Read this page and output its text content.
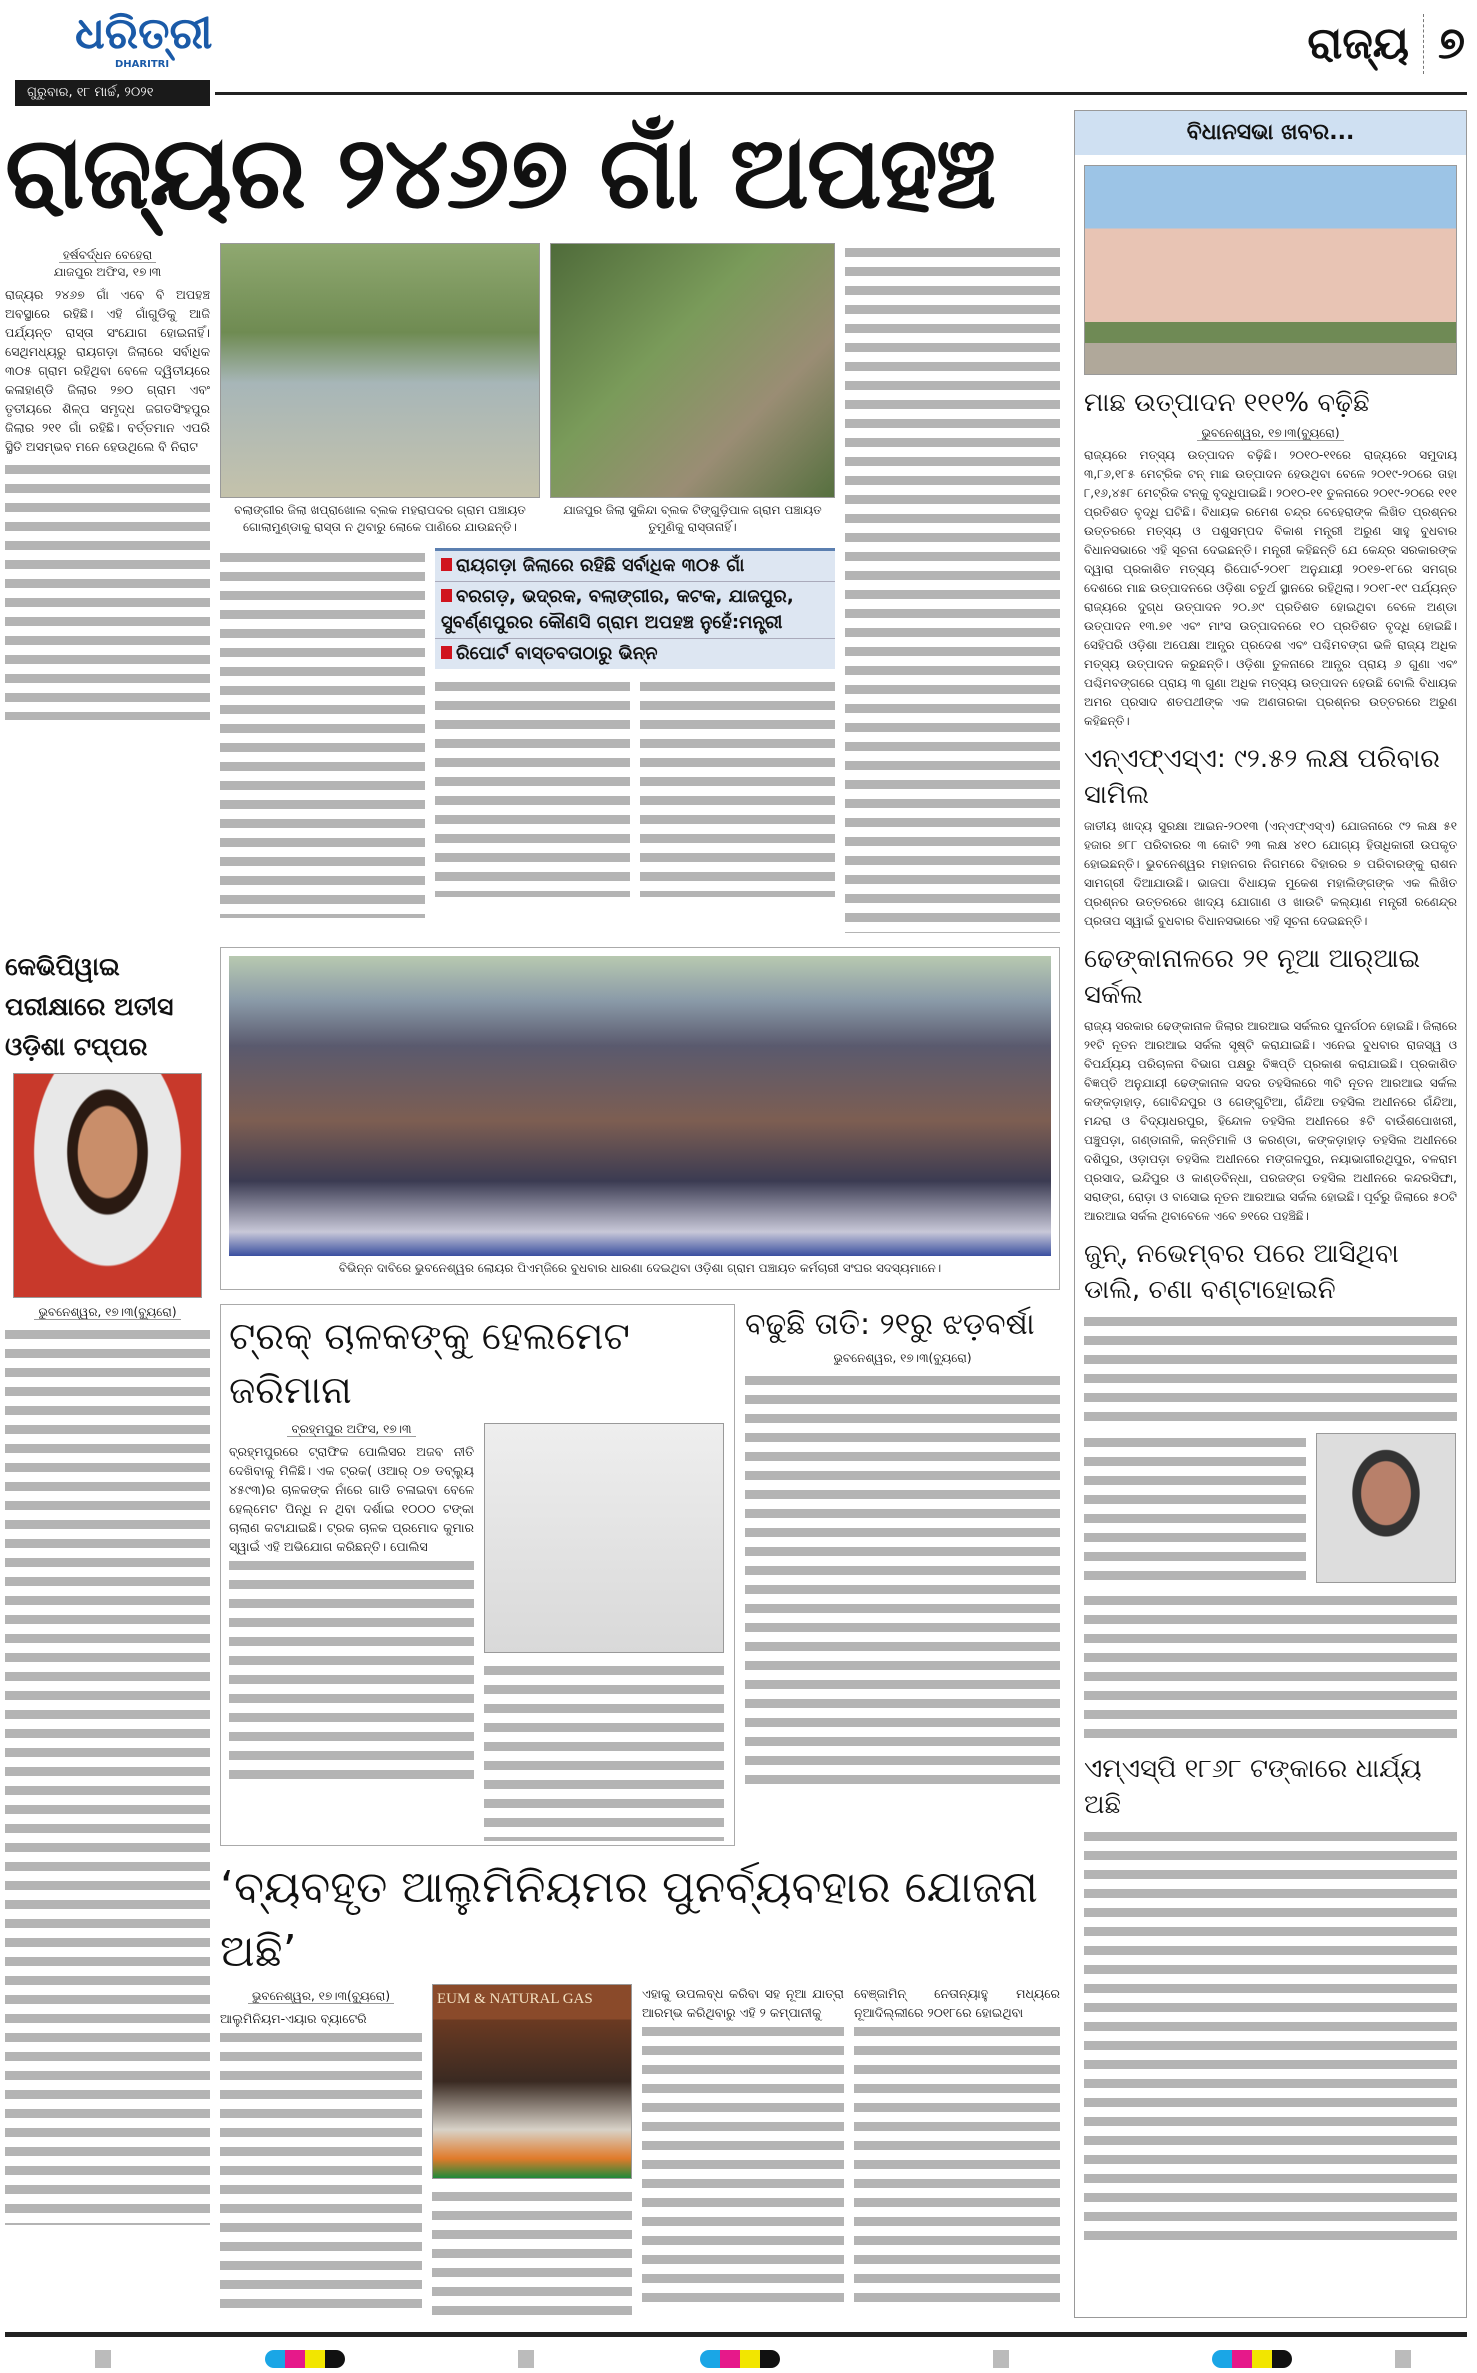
ଧରିତ୍ରୀ
DHARITRI
ଗୁରୁବାର, ୧୮ ମାର୍ଚ୍ଚ, ୨୦୨୧
ରାଜ୍ୟ ୭
ରାଜ୍ୟର ୨୪୬୭ ଗାଁ ଅପହଞ୍ଚ
ହର୍ଷବର୍ଦ୍ଧନ ବେହେରା
ଯାଜପୁର ଅଫିସ, ୧୭।୩
ରାଜ୍ୟର ୨୪୬୭ ଗାଁ ଏବେ ବି ଅପହଞ୍ଚ ଅବସ୍ଥାରେ ରହିଛି। ଏହି ଗାଁଗୁଡିକୁ ଆଜି ପର୍ଯ୍ୟନ୍ତ ରାସ୍ତା ସଂଯୋଗ ହୋଇନାହିଁ। ସେଥିମଧ୍ୟରୁ ରାୟଗଡ଼ା ଜିଲାରେ ସର୍ବାଧିକ ୩୦୫ ଗ୍ରାମ ରହିଥିବା ବେଳେ ଦ୍ୱିତୀୟରେ କଳାହାଣ୍ଡି ଜିଲାର ୨୭୦ ଗ୍ରାମ ଏବଂ ତୃତୀୟରେ ଶିଳ୍ପ ସମୃଦ୍ଧ ଜଗତସିଂହପୁର ଜିଲାର ୨୧୧ ଗାଁ ରହିଛି। ବର୍ତ୍ତମାନ ଏପରି ସ୍ଥିତି ଅସମ୍ଭବ ମନେ ହେଉଥିଲେ ବି ନିରାଟ
ବଲାଙ୍ଗୀର ଜିଲା ଖପ୍ରାଖୋଲ ବ୍ଲକ ମହରାପଦର ଗ୍ରାମ ପଞ୍ଚାୟତ ଗୋଲାମୁଣ୍ଡାକୁ ରାସ୍ତା ନ ଥିବାରୁ ଲୋକେ ପାଣିରେ ଯାଉଛନ୍ତି।
ଯାଜପୁର ଜିଲା ସୁକିନ୍ଦା ବ୍ଲକ ଟିଙ୍ଗୁଡ଼ିପାଳ ଗ୍ରାମ ପଞ୍ଚାୟତ ତୁମୁଣିକୁ ରାସ୍ତାନାହିଁ।
ରାୟଗଡ଼ା ଜିଲାରେ ରହିଛି ସର୍ବାଧିକ ୩୦୫ ଗାଁ
ବରଗଡ଼, ଭଦ୍ରକ, ବଲାଙ୍ଗୀର, କଟକ, ଯାଜପୁର, ସୁବର୍ଣ୍ଣପୁରର କୌଣସି ଗ୍ରାମ ଅପହଞ୍ଚ ନୁହେଁ:ମନ୍ତ୍ରୀ
ରିପୋର୍ଟ ବାସ୍ତବତାଠାରୁ ଭିନ୍ନ
କେଭିପିୱାଇ ପରୀକ୍ଷାରେ ଅତୀସ ଓଡ଼ିଶା ଟପ୍ପର
ଭୁବନେଶ୍ୱର, ୧୭।୩(ବ୍ୟୁରୋ)
ବିଭିନ୍ନ ଦାବିରେ ଭୁବନେଶ୍ୱର ଲୋୟର ପିଏମ୍‌ଜିରେ ବୁଧବାର ଧାରଣା ଦେଇଥିବା ଓଡ଼ିଶା ଗ୍ରାମ ପଞ୍ଚାୟତ କର୍ମଚାରୀ ସଂଘର ସଦସ୍ୟମାନେ।
ଟ୍ରକ୍ ଚାଳକଙ୍କୁ ହେଲମେଟ ଜରିମାନା
ବ୍ରହ୍ମପୁର ଅଫିସ, ୧୭।୩
ବ୍ରହ୍ମପୁରରେ ଟ୍ରାଫିକ ପୋଲିସର ଅଜବ ନୀତି ଦେଖିବାକୁ ମିଳିଛି। ଏକ ଟ୍ରକ( ଓଆର୍ ୦୭ ଡବ୍ଲ୍ୟୁ ୪୫୯୩)ର ଚାଳକଙ୍କ ନାଁରେ ଗାଡି ଚଳାଇବା ବେଳେ ହେଲ୍‌ମେଟ ପିନ୍ଧି ନ ଥିବା ଦର୍ଶାଇ ୧୦୦୦ ଟଙ୍କା ଚାଲାଣ କଟାଯାଇଛି। ଟ୍ରକ ଚାଳକ ପ୍ରମୋଦ କୁମାର ସ୍ୱାଇଁ ଏହି ଅଭିଯୋଗ କରିଛନ୍ତି। ପୋଲିସ
ବଢୁଛି ତାତି: ୨୧ରୁ ଝଡ଼ବର୍ଷା
ଭୁବନେଶ୍ୱର, ୧୭।୩(ବ୍ୟୁରୋ)
‘ବ୍ୟବହୃତ ଆଲୁମିନିୟମର ପୁନର୍ବ୍ୟବହାର ଯୋଜନା ଅଛି’
ଭୁବନେଶ୍ୱର, ୧୭।୩(ବ୍ୟୁରୋ)
ଆଲୁମିନିୟମ-ଏୟାର ବ୍ୟାଟେରି
EUM & NATURAL GAS	ଏହାକୁ ଉପଲବ୍ଧ କରିବା ସହ ନୂଆ ଯାତ୍ରା ଆରମ୍ଭ କରିଥିବାରୁ ଏହି ୨ କମ୍ପାନୀକୁ
ବେଞ୍ଜାମିନ୍ ନେତାନ୍ୟାହୁ ମଧ୍ୟରେ ନୂଆଦିଲ୍ଲୀରେ ୨୦୧୮ରେ ହୋଇଥିବା
ବିଧାନସଭା ଖବର...
ମାଛ ଉତ୍ପାଦନ ୧୧୧% ବଢ଼ିଛି
ଭୁବନେଶ୍ୱର, ୧୭।୩(ବ୍ୟୁରୋ)
ରାଜ୍ୟରେ ମତ୍ସ୍ୟ ଉତ୍ପାଦନ ବଢ଼ିଛି। ୨୦୧୦-୧୧ରେ ରାଜ୍ୟରେ ସମୁଦାୟ ୩,୮୬,୧୮୫ ମେଟ୍ରିକ ଟନ୍ ମାଛ ଉତ୍ପାଦନ ହେଉଥିବା ବେଳେ ୨୦୧୯-୨୦ରେ ତାହା ୮,୧୬,୪୫୮ ମେଟ୍ରିକ ଟନ୍‌କୁ ବୃଦ୍ଧିପାଇଛି। ୨୦୧୦-୧୧ ତୁଳନାରେ ୨୦୧୯-୨୦ରେ ୧୧୧ ପ୍ରତିଶତ ବୃଦ୍ଧି ଘଟିଛି। ବିଧାୟକ ରମେଶ ଚନ୍ଦ୍ର ବେହେରାଙ୍କ ଲିଖିତ ପ୍ରଶ୍ନର ଉତ୍ତରରେ ମତ୍ସ୍ୟ ଓ ପଶୁସମ୍ପଦ ବିକାଶ ମନ୍ତ୍ରୀ ଅରୁଣ ସାହୁ ବୁଧବାର ବିଧାନସଭାରେ ଏହି ସୂଚନା ଦେଇଛନ୍ତି। ମନ୍ତ୍ରୀ କହିଛନ୍ତି ଯେ କେନ୍ଦ୍ର ସରକାରଙ୍କ ଦ୍ୱାରା ପ୍ରକାଶିତ ମତ୍ସ୍ୟ ରିପୋର୍ଟ-୨୦୧୮ ଅନୁଯାୟୀ ୨୦୧୭-୧୮ରେ ସମଗ୍ର ଦେଶରେ ମାଛ ଉତ୍ପାଦନରେ ଓଡ଼ିଶା ଚତୁର୍ଥ ସ୍ଥାନରେ ରହିଥିଲା। ୨୦୧୮-୧୯ ପର୍ଯ୍ୟନ୍ତ ରାଜ୍ୟରେ ଦୁଗ୍ଧ ଉତ୍ପାଦନ ୨୦.୬୯ ପ୍ରତିଶତ ହୋଇଥିବା ବେଳେ ଅଣ୍ଡା ଉତ୍ପାଦନ ୧୩.୭୧ ଏବଂ ମାଂସ ଉତ୍ପାଦନରେ ୧୦ ପ୍ରତିଶତ ବୃଦ୍ଧି ହୋଇଛି। ସେହିପରି ଓଡ଼ିଶା ଅପେକ୍ଷା ଆନ୍ଧ୍ର ପ୍ରଦେଶ ଏବଂ ପଶ୍ଚିମବଙ୍ଗ ଭଳି ରାଜ୍ୟ ଅଧିକ ମତ୍ସ୍ୟ ଉତ୍ପାଦନ କରୁଛନ୍ତି। ଓଡ଼ିଶା ତୁଳନାରେ ଆନ୍ଧ୍ର ପ୍ରାୟ ୬ ଗୁଣା ଏବଂ ପଶ୍ଚିମବଙ୍ଗରେ ପ୍ରାୟ ୩ ଗୁଣା ଅଧିକ ମତ୍ସ୍ୟ ଉତ୍ପାଦନ ହେଉଛି ବୋଲି ବିଧାୟକ ଅମର ପ୍ରସାଦ ଶତପଥୀଙ୍କ ଏକ ଅଣତାରକା ପ୍ରଶ୍ନର ଉତ୍ତରରେ ଅରୁଣ କହିଛନ୍ତି।
ଏନ୍‌ଏଫ୍‌ଏସ୍‌ଏ: ୯୨.୫୨ ଲକ୍ଷ ପରିବାର ସାମିଲ
ଜାତୀୟ ଖାଦ୍ୟ ସୁରକ୍ଷା ଆଇନ-୨୦୧୩ (ଏନ୍‌ଏଫ୍‌ଏସ୍‌ଏ) ଯୋଜନାରେ ୯୨ ଲକ୍ଷ ୫୧ ହଜାର ୭୮୮ ପରିବାରର ୩ କୋଟି ୨୩ ଲକ୍ଷ ୪୧୦ ଯୋଗ୍ୟ ହିତାଧିକାରୀ ଉପକୃତ ହୋଇଛନ୍ତି। ଭୁବନେଶ୍ୱର ମହାନଗର ନିଗମରେ ବିହାରର ୭ ପରିବାରଙ୍କୁ ରାଶନ ସାମଗ୍ରୀ ଦିଆଯାଉଛି। ଭାଜପା ବିଧାୟକ ମୁକେଶ ମହାଲିଙ୍ଗଙ୍କ ଏକ ଲିଖିତ ପ୍ରଶ୍ନର ଉତ୍ତରରେ ଖାଦ୍ୟ ଯୋଗାଣ ଓ ଖାଉଟି କଲ୍ୟାଣ ମନ୍ତ୍ରୀ ରଣେନ୍ଦ୍ର ପ୍ରତାପ ସ୍ୱାଇଁ ବୁଧବାର ବିଧାନସଭାରେ ଏହି ସୂଚନା ଦେଇଛନ୍ତି।
ଢେଙ୍କାନାଳରେ ୨୧ ନୂଆ ଆର୍‌ଆଇ ସର୍କଲ
ରାଜ୍ୟ ସରକାର ଢେଙ୍କାନାଳ ଜିଲାର ଆରଆଇ ସର୍କଲର ପୁନର୍ଗଠନ ହୋଇଛି। ଜିଲାରେ ୨୧ଟି ନୂତନ ଆରଆଇ ସର୍କଲ ସୃଷ୍ଟି କରାଯାଇଛି। ଏନେଇ ବୁଧବାର ରାଜସ୍ୱ ଓ ବିପର୍ଯ୍ୟୟ ପରିଚାଳନା ବିଭାଗ ପକ୍ଷରୁ ବିଜ୍ଞପ୍ତି ପ୍ରକାଶ କରାଯାଇଛି। ପ୍ରକାଶିତ ବିଜ୍ଞପ୍ତି ଅନୁଯାୟୀ ଢେଙ୍କାନାଳ ସଦର ତହସିଲରେ ୩ଟି ନୂତନ ଆରଆଇ ସର୍କଲ କଙ୍କଡ଼ାହାଡ଼, ଗୋବିନ୍ଦପୁର ଓ ଗେଙ୍ଗୁଟିଆ, ଗଁନ୍ଦିଆ ତହସିଲ ଅଧୀନରେ ଗଁନ୍ଦିଆ, ମନ୍ଦରା ଓ ବିଦ୍ୟାଧରପୁର, ହିନ୍ଦୋଳ ତହସିଲ ଅଧୀନରେ ୫ଟି ବାଉଁଶପୋଖରୀ, ପଞ୍ଚୁପଡ଼ା, ଗଣ୍ଡାନାଳି, କନ୍ତିମାଳି ଓ କରଣ୍ଡା, କଙ୍କଡ଼ାହାଡ଼ ତହସିଲ ଅଧୀନରେ ଦଶିପୁର, ଓଡ଼ାପଡ଼ା ତହସିଲ ଅଧୀନରେ ମଙ୍ଗଳପୁର, ନୟାଭାଗୀରଥିପୁର, ବଳରାମ ପ୍ରସାଦ, ଇନ୍ଦିପୁର ଓ କାଣ୍ଡବିନ୍ଧା, ପରଜଙ୍ଗ ତହସିଲ ଅଧୀନରେ କନ୍ଦରସିଙ୍ଘା, ସରାଙ୍ଗ, ରୋଡ଼ା ଓ ବାସୋଇ ନୂତନ ଆରଆଇ ସର୍କଲ ହୋଇଛି। ପୂର୍ବରୁ ଜିଲାରେ ୫୦ଟି ଆରଆଇ ସର୍କଲ ଥିବାବେଳେ ଏବେ ୭୧ରେ ପହଞ୍ଚିଛି।
ଜୁନ୍, ନଭେମ୍ବର ପରେ ଆସିଥିବା ଡାଲି, ଚଣା ବଣ୍ଟାହୋଇନି
ଏମ୍‌ଏସ୍‌ପି ୧୮୬୮ ଟଙ୍କାରେ ଧାର୍ଯ୍ୟ ଅଛି
